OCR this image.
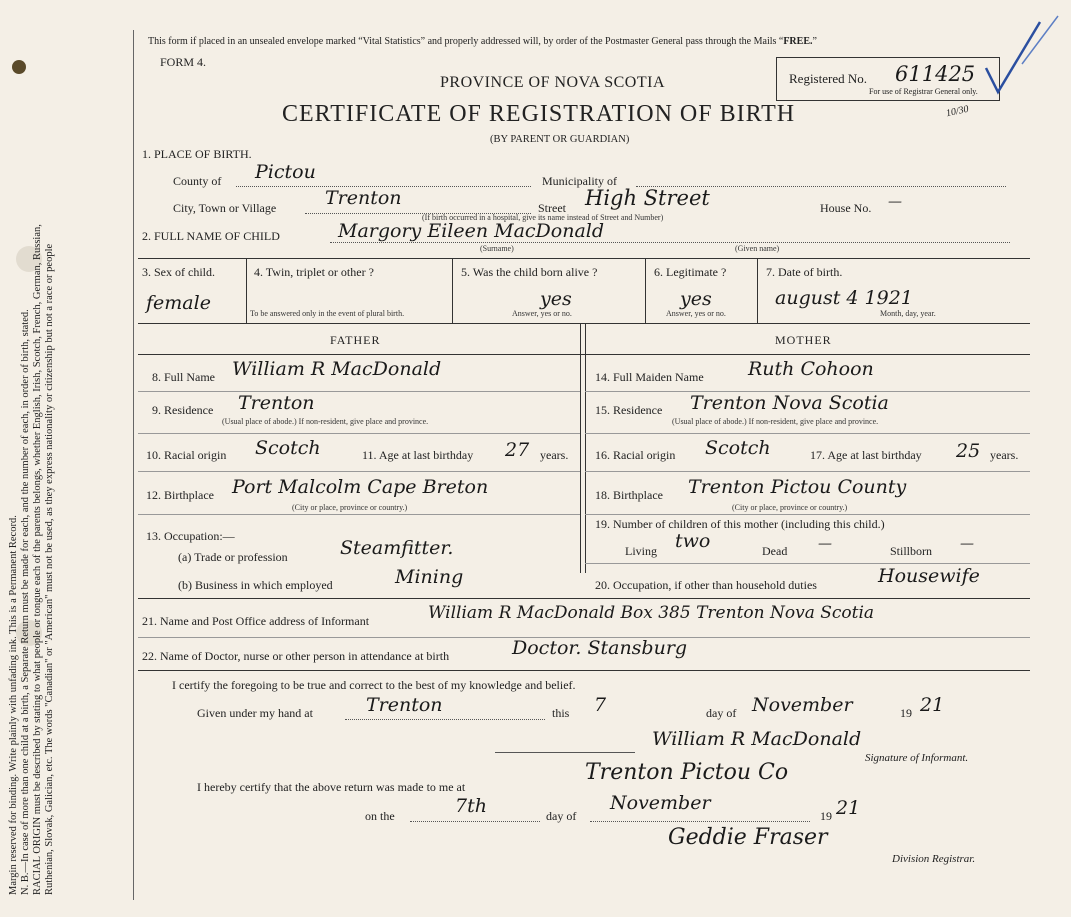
Margin reserved for binding. Write plainly with unfading ink. This is a Permanent Record. N. B.—In case of more than one child at a birth, a Separate Return must be made for each, and the number of each, in order of birth, stated. RACIAL ORIGIN must be described by stating to what people or tongue each of the parents belongs, whether English, Irish, Scotch, French, German, Russian, Ruthenian, Slovak, Galician, etc. The words "Canadian" or "American" must not be used, as they express nationality or citizenship but not a race or people
This form if placed in an unsealed envelope marked “Vital Statistics” and properly addressed will, by order of the Postmaster General pass through the Mails “FREE.”
FORM 4.
PROVINCE OF NOVA SCOTIA
CERTIFICATE OF REGISTRATION OF BIRTH
(BY PARENT OR GUARDIAN)
Registered No. 611425
For use of Registrar General only.
10/30
1. PLACE OF BIRTH.
County of Pictou	Municipality of
City, Town or Village	Trenton	Street High Street	House No. —
(If birth occurred in a hospital, give its name instead of Street and Number)
2. FULL NAME OF CHILD	Margory Eileen MacDonald
(Surname)	(Given name)
3. Sex of child.
female
4. Twin, triplet or other ?
To be answered only in the event of plural birth.
5. Was the child born alive ?
yes
Answer, yes or no.
6. Legitimate ?
yes
Answer, yes or no.
7. Date of birth.
august 4 1921
Month, day, year.
FATHER	MOTHER
8. Full Name William R MacDonald
9. Residence Trenton
(Usual place of abode.) If non-resident, give place and province.
10. Racial origin Scotch	11. Age at last birthday 27 years.
12. Birthplace Port Malcolm Cape Breton
(City or place, province or country.)
13. Occupation:—
(a) Trade or profession	Steamfitter.
(b) Business in which employed	Mining
14. Full Maiden Name Ruth Cohoon
15. Residence Trenton Nova Scotia
(Usual place of abode.) If non-resident, give place and province.
16. Racial origin Scotch	17. Age at last birthday 25 years.
18. Birthplace Trenton Pictou County
(City or place, province or country.)
19. Number of children of this mother (including this child.)
Living two	Dead —	Stillborn —
20. Occupation, if other than household duties	Housewife
21. Name and Post Office address of Informant	William R MacDonald Box 385 Trenton Nova Scotia
22. Name of Doctor, nurse or other person in attendance at birth	Doctor. Stansburg
I certify the foregoing to be true and correct to the best of my knowledge and belief.
Given under my hand at	Trenton	this 7	day of November	19 21
William R MacDonald
Signature of Informant.
I hereby certify that the above return was made to me at
Trenton Pictou Co
on the	7th	day of
November
19 21
Geddie Fraser
Division Registrar.
